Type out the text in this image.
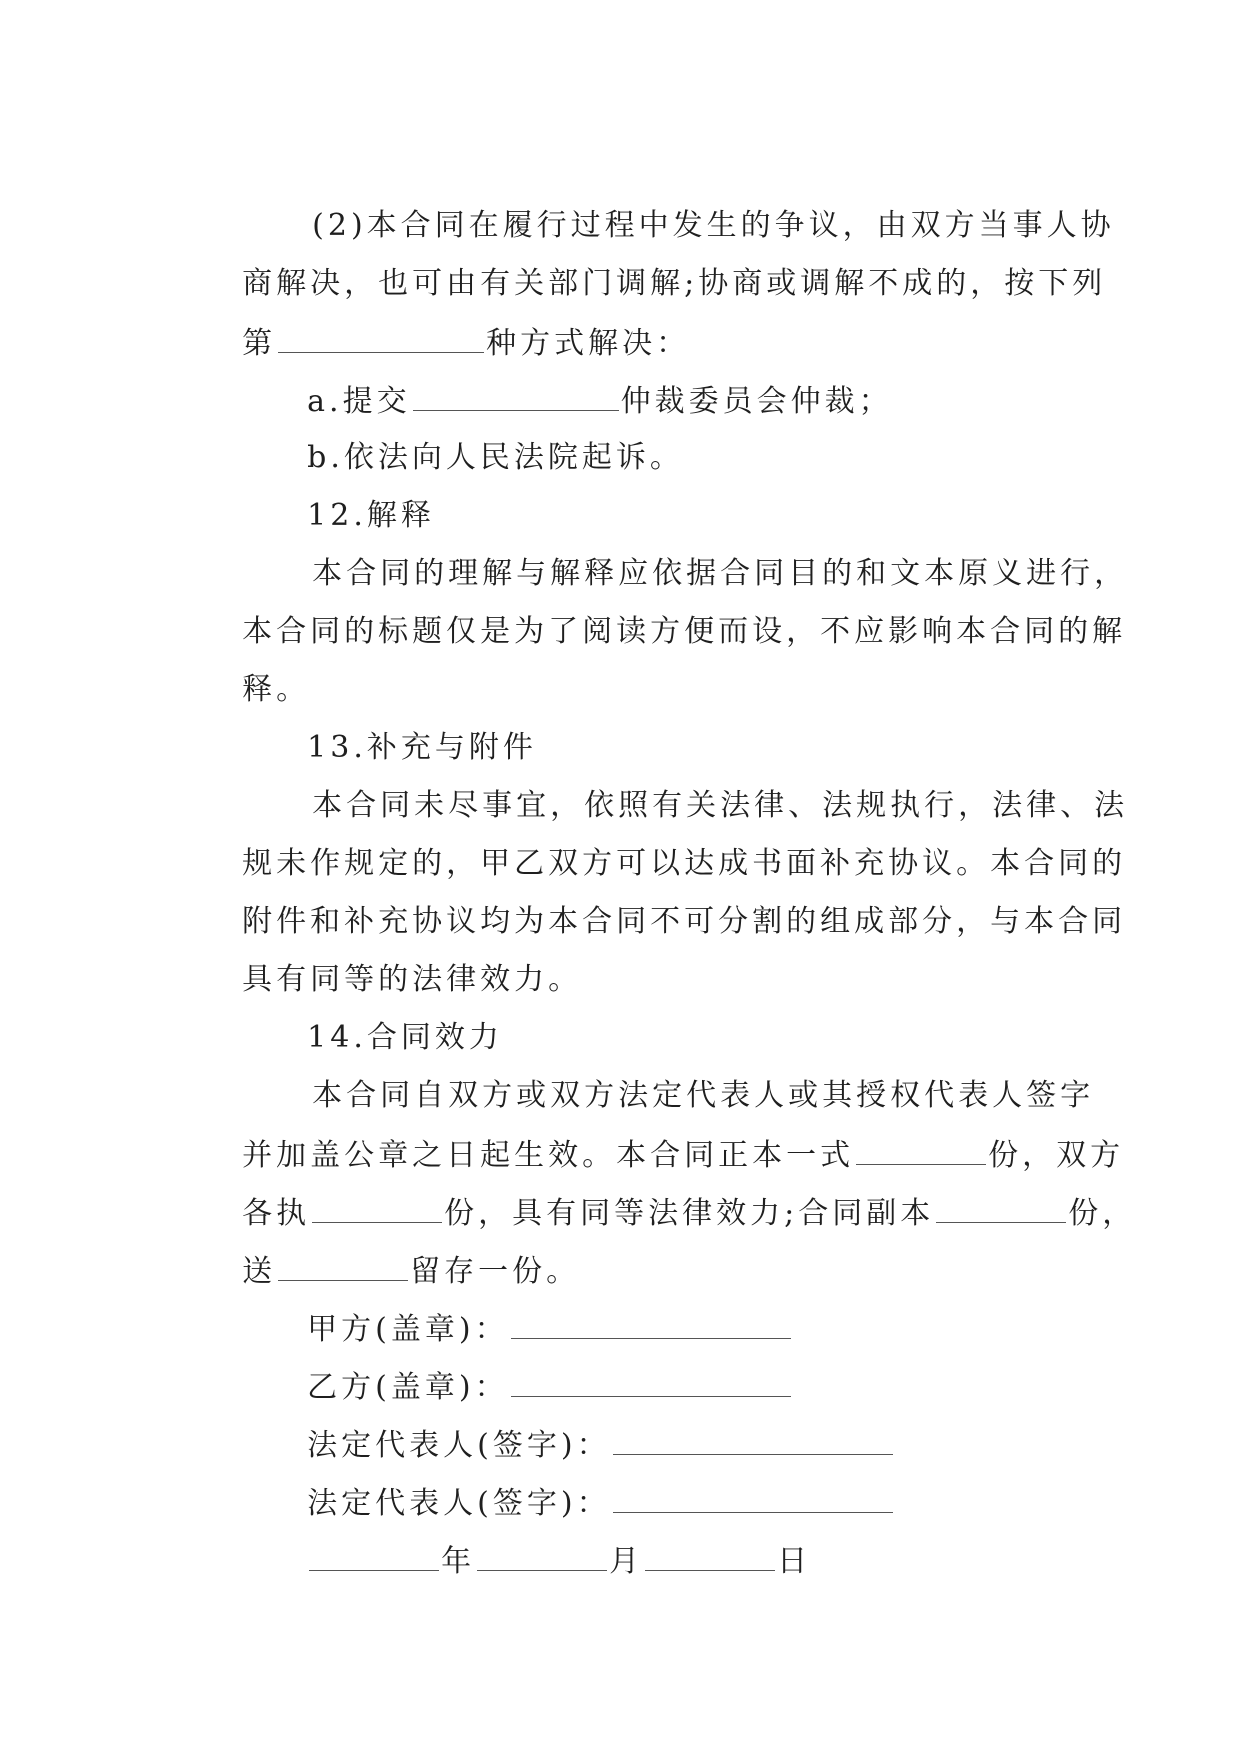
(2)本合同在履行过程中发生的争议，由双方当事人协

商解决，也可由有关部门调解;协商或调解不成的，按下列

第	种方式解决：

a.提交	仲裁委员会仲裁；

b.依法向人民法院起诉。

12.解释

本合同的理解与解释应依据合同目的和文本原义进行，

本合同的标题仅是为了阅读方便而设，不应影响本合同的解

释。

13.补充与附件

本合同未尽事宜，依照有关法律、法规执行，法律、法

规未作规定的，甲乙双方可以达成书面补充协议。本合同的

附件和补充协议均为本合同不可分割的组成部分，与本合同

具有同等的法律效力。

14.合同效力

本合同自双方或双方法定代表人或其授权代表人签字

并加盖公章之日起生效。本合同正本一式	份，双方

各执	份，具有同等法律效力;合同副本	份，

送	留存一份。

甲方(盖章)：

乙方(盖章)：

法定代表人(签字)：

法定代表人(签字)：

年	月	日
